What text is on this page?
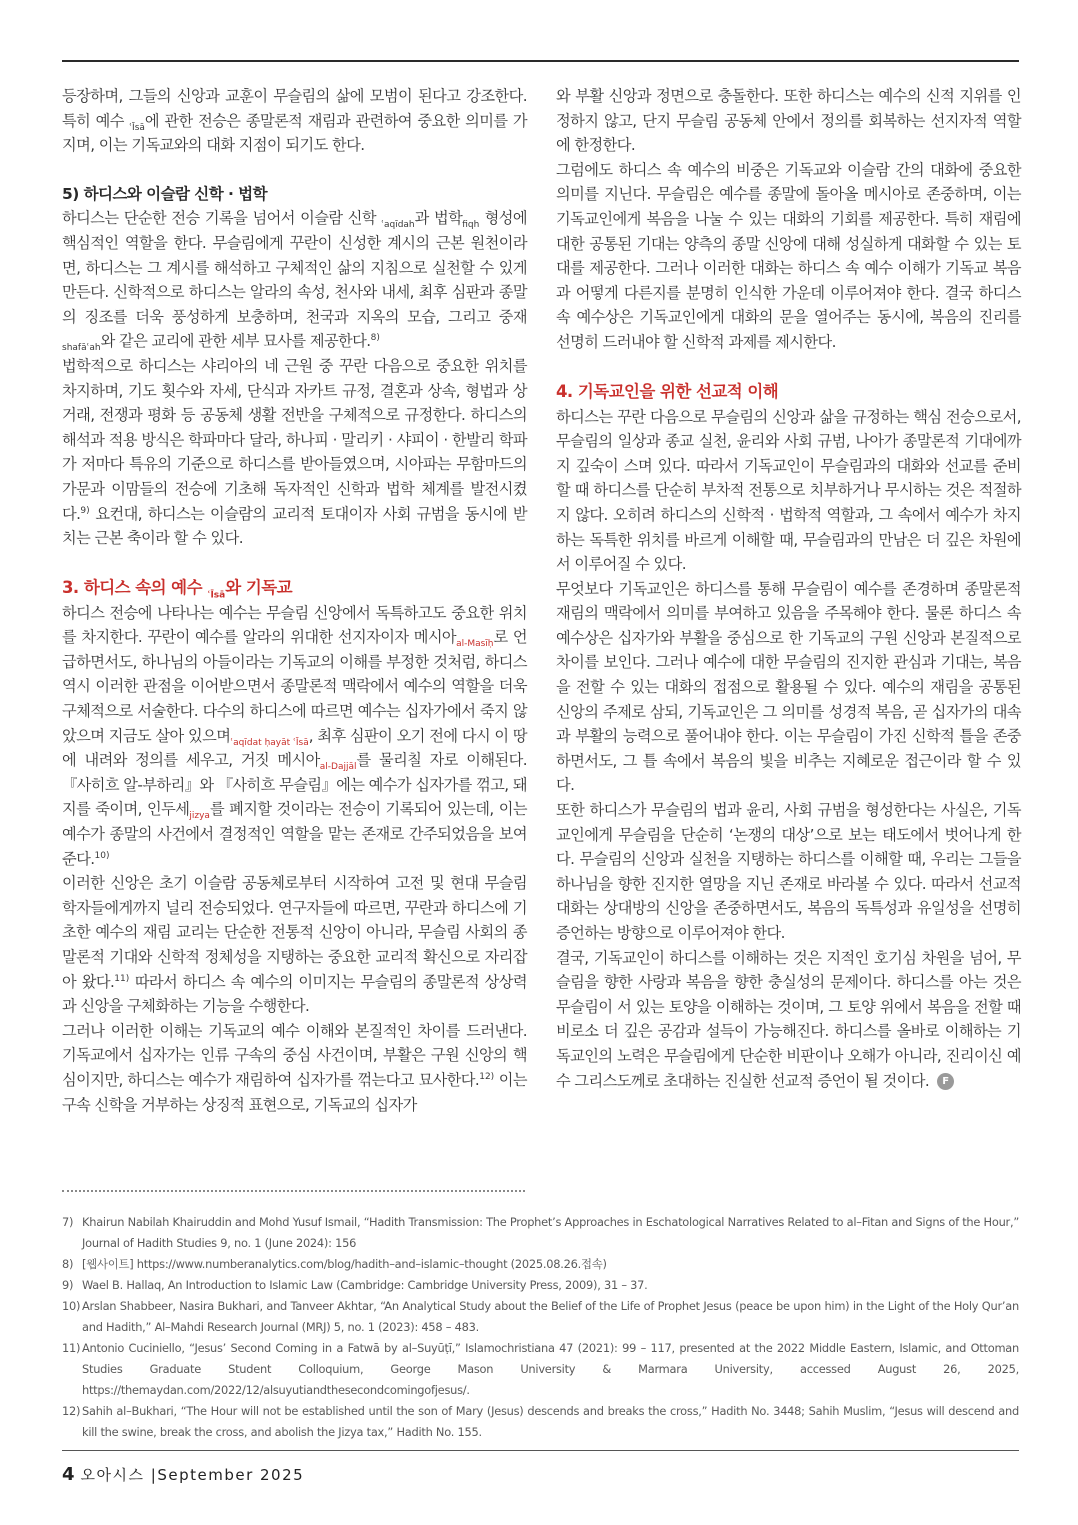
등장하며, 그들의 신앙과 교훈이 무슬림의 삶에 모범이 된다고 강조한다. 특히 예수 $_{ʿĪsā}$에 관한 전승은 종말론적 재림과 관련하여 중요한 의미를 가지며, 이는 기독교와의 대화 지점이 되기도 한다.

5) 하디스와 이슬람 신학 · 법학

하디스는 단순한 전승 기록을 넘어서 이슬람 신학 $_{ʿaqīdah}$과 법학$_{fiqh}$ 형성에 핵심적인 역할을 한다. 무슬림에게 꾸란이 신성한 계시의 근본 원천이라면, 하디스는 그 계시를 해석하고 구체적인 삶의 지침으로 실천할 수 있게 만든다. 신학적으로 하디스는 알라의 속성, 천사와 내세, 최후 심판과 종말의 징조를 더욱 풍성하게 보충하며, 천국과 지옥의 모습, 그리고 중재$_{shafāʿah}$와 같은 교리에 관한 세부 묘사를 제공한다.$^{8)}$

법학적으로 하디스는 샤리아의 네 근원 중 꾸란 다음으로 중요한 위치를 차지하며, 기도 횟수와 자세, 단식과 자카트 규정, 결혼과 상속, 형법과 상거래, 전쟁과 평화 등 공동체 생활 전반을 구체적으로 규정한다. 하디스의 해석과 적용 방식은 학파마다 달라, 하나피 · 말리키 · 샤피이 · 한발리 학파가 저마다 특유의 기준으로 하디스를 받아들였으며, 시아파는 무함마드의 가문과 이맘들의 전승에 기초해 독자적인 신학과 법학 체계를 발전시켰다.$^{9)}$ 요컨대, 하디스는 이슬람의 교리적 토대이자 사회 규범을 동시에 받치는 근본 축이라 할 수 있다.

3. 하디스 속의 예수 $_{ʿĪsā}$와 기독교

하디스 전승에 나타나는 예수는 무슬림 신앙에서 독특하고도 중요한 위치를 차지한다. 꾸란이 예수를 알라의 위대한 선지자이자 메시아$_{al-Masīḥ}$로 언급하면서도, 하나님의 아들이라는 기독교의 이해를 부정한 것처럼, 하디스 역시 이러한 관점을 이어받으면서 종말론적 맥락에서 예수의 역할을 더욱 구체적으로 서술한다. 다수의 하디스에 따르면 예수는 십자가에서 죽지 않았으며 지금도 살아 있으며$_{ʿaqīdat ḥayāt ʿĪsā}$, 최후 심판이 오기 전에 다시 이 땅에 내려와 정의를 세우고, 거짓 메시아$_{al-Dajjāl}$를 물리칠 자로 이해된다. 『사히흐 알-부하리』와 『사히흐 무슬림』에는 예수가 십자가를 꺾고, 돼지를 죽이며, 인두세$_{jizya}$를 폐지할 것이라는 전승이 기록되어 있는데, 이는 예수가 종말의 사건에서 결정적인 역할을 맡는 존재로 간주되었음을 보여준다.$^{10)}$

이러한 신앙은 초기 이슬람 공동체로부터 시작하여 고전 및 현대 무슬림 학자들에게까지 널리 전승되었다. 연구자들에 따르면, 꾸란과 하디스에 기초한 예수의 재림 교리는 단순한 전통적 신앙이 아니라, 무슬림 사회의 종말론적 기대와 신학적 정체성을 지탱하는 중요한 교리적 확신으로 자리잡아 왔다.$^{11)}$ 따라서 하디스 속 예수의 이미지는 무슬림의 종말론적 상상력과 신앙을 구체화하는 기능을 수행한다.

그러나 이러한 이해는 기독교의 예수 이해와 본질적인 차이를 드러낸다. 기독교에서 십자가는 인류 구속의 중심 사건이며, 부활은 구원 신앙의 핵심이지만, 하디스는 예수가 재림하여 십자가를 꺾는다고 묘사한다.$^{12)}$ 이는 구속 신학을 거부하는 상징적 표현으로, 기독교의 십자가

와 부활 신앙과 정면으로 충돌한다. 또한 하디스는 예수의 신적 지위를 인정하지 않고, 단지 무슬림 공동체 안에서 정의를 회복하는 선지자적 역할에 한정한다.

그럼에도 하디스 속 예수의 비중은 기독교와 이슬람 간의 대화에 중요한 의미를 지닌다. 무슬림은 예수를 종말에 돌아올 메시아로 존중하며, 이는 기독교인에게 복음을 나눌 수 있는 대화의 기회를 제공한다. 특히 재림에 대한 공통된 기대는 양측의 종말 신앙에 대해 성실하게 대화할 수 있는 토대를 제공한다. 그러나 이러한 대화는 하디스 속 예수 이해가 기독교 복음과 어떻게 다른지를 분명히 인식한 가운데 이루어져야 한다. 결국 하디스 속 예수상은 기독교인에게 대화의 문을 열어주는 동시에, 복음의 진리를 선명히 드러내야 할 신학적 과제를 제시한다.

4. 기독교인을 위한 선교적 이해

하디스는 꾸란 다음으로 무슬림의 신앙과 삶을 규정하는 핵심 전승으로서, 무슬림의 일상과 종교 실천, 윤리와 사회 규범, 나아가 종말론적 기대에까지 깊숙이 스며 있다. 따라서 기독교인이 무슬림과의 대화와 선교를 준비할 때 하디스를 단순히 부차적 전통으로 치부하거나 무시하는 것은 적절하지 않다. 오히려 하디스의 신학적 · 법학적 역할과, 그 속에서 예수가 차지하는 독특한 위치를 바르게 이해할 때, 무슬림과의 만남은 더 깊은 차원에서 이루어질 수 있다.

무엇보다 기독교인은 하디스를 통해 무슬림이 예수를 존경하며 종말론적 재림의 맥락에서 의미를 부여하고 있음을 주목해야 한다. 물론 하디스 속 예수상은 십자가와 부활을 중심으로 한 기독교의 구원 신앙과 본질적으로 차이를 보인다. 그러나 예수에 대한 무슬림의 진지한 관심과 기대는, 복음을 전할 수 있는 대화의 접점으로 활용될 수 있다. 예수의 재림을 공통된 신앙의 주제로 삼되, 기독교인은 그 의미를 성경적 복음, 곧 십자가의 대속과 부활의 능력으로 풀어내야 한다. 이는 무슬림이 가진 신학적 틀을 존중하면서도, 그 틀 속에서 복음의 빛을 비추는 지혜로운 접근이라 할 수 있다.

또한 하디스가 무슬림의 법과 윤리, 사회 규범을 형성한다는 사실은, 기독교인에게 무슬림을 단순히 ‘논쟁의 대상’으로 보는 태도에서 벗어나게 한다. 무슬림의 신앙과 실천을 지탱하는 하디스를 이해할 때, 우리는 그들을 하나님을 향한 진지한 열망을 지닌 존재로 바라볼 수 있다. 따라서 선교적 대화는 상대방의 신앙을 존중하면서도, 복음의 독특성과 유일성을 선명히 증언하는 방향으로 이루어져야 한다.

결국, 기독교인이 하디스를 이해하는 것은 지적인 호기심 차원을 넘어, 무슬림을 향한 사랑과 복음을 향한 충실성의 문제이다. 하디스를 아는 것은 무슬림이 서 있는 토양을 이해하는 것이며, 그 토양 위에서 복음을 전할 때 비로소 더 깊은 공감과 설득이 가능해진다. 하디스를 올바로 이해하는 기독교인의 노력은 무슬림에게 단순한 비판이나 오해가 아니라, 진리이신 예수 그리스도께로 초대하는 진실한 선교적 증언이 될 것이다. F

7) Khairun Nabilah Khairuddin and Mohd Yusuf Ismail, “Hadith Transmission: The Prophet’s Approaches in Eschatological Narratives Related to al–Fitan and Signs of the Hour,” Journal of Hadith Studies 9, no. 1 (June 2024): 156

8) [웹사이트] https://www.numberanalytics.com/blog/hadith–and–islamic–thought (2025.08.26.접속)

9) Wael B. Hallaq, An Introduction to Islamic Law (Cambridge: Cambridge University Press, 2009), 31 – 37.

10) Arslan Shabbeer, Nasira Bukhari, and Tanveer Akhtar, “An Analytical Study about the Belief of the Life of Prophet Jesus (peace be upon him) in the Light of the Holy Qur’an and Hadith,” Al–Mahdi Research Journal (MRJ) 5, no. 1 (2023): 458 – 483.

11) Antonio Cuciniello, “Jesus’ Second Coming in a Fatwā by al–Suyūṭī,” Islamochristiana 47 (2021): 99 – 117, presented at the 2022 Middle Eastern, Islamic, and Ottoman Studies Graduate Student Colloquium, George Mason University & Marmara University, accessed August 26, 2025, https://themaydan.com/2022/12/alsuyutiandthesecondcomingofjesus/.

12) Sahih al–Bukhari, “The Hour will not be established until the son of Mary (Jesus) descends and breaks the cross,” Hadith No. 3448; Sahih Muslim, “Jesus will descend and kill the swine, break the cross, and abolish the Jizya tax,” Hadith No. 155.

4 오아시스 |September 2025
